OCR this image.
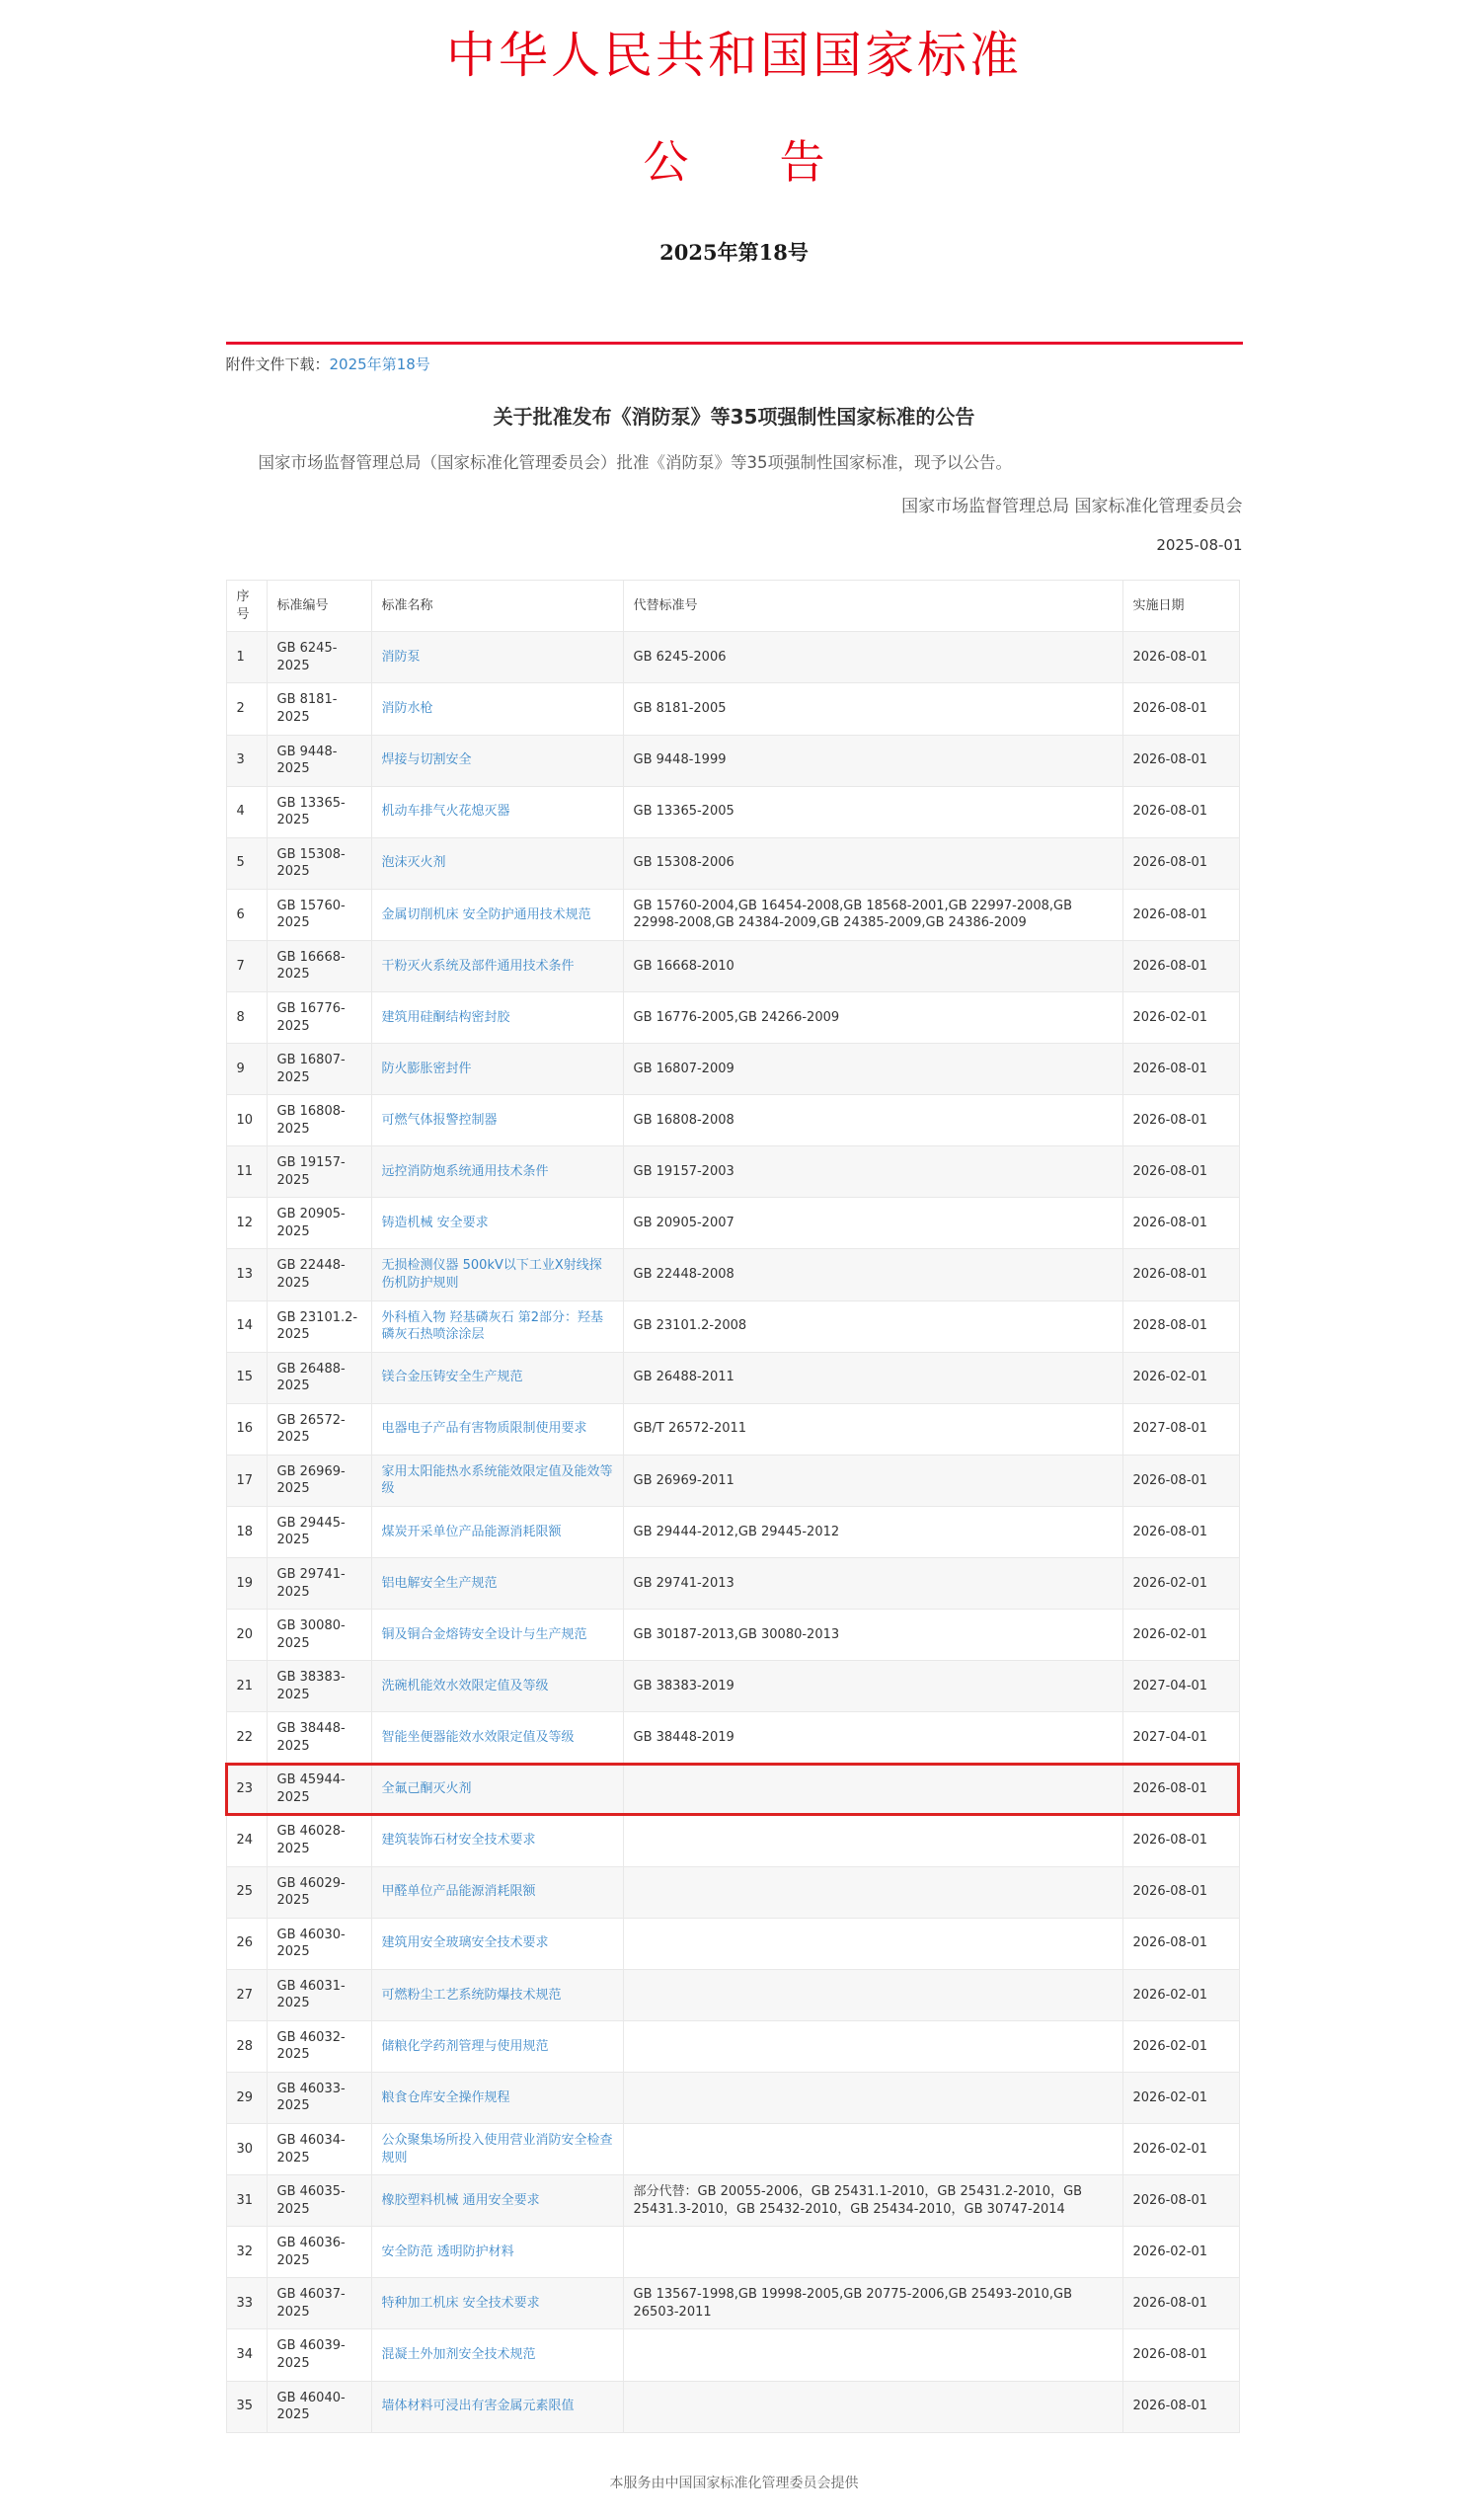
中华人民共和国国家标准
公　　告
2025年第18号
附件文件下载：2025年第18号
关于批准发布《消防泵》等35项强制性国家标准的公告
国家市场监督管理总局（国家标准化管理委员会）批准《消防泵》等35项强制性国家标准，现予以公告。
国家市场监督管理总局 国家标准化管理委员会
2025-08-01
序号	标准编号	标准名称	代替标准号	实施日期
1	GB 6245-2025	消防泵	GB 6245-2006	2026-08-01
2	GB 8181-2025	消防水枪	GB 8181-2005	2026-08-01
3	GB 9448-2025	焊接与切割安全	GB 9448-1999	2026-08-01
4	GB 13365-2025	机动车排气火花熄灭器	GB 13365-2005	2026-08-01
5	GB 15308-2025	泡沫灭火剂	GB 15308-2006	2026-08-01
6	GB 15760-2025	金属切削机床 安全防护通用技术规范	GB 15760-2004,GB 16454-2008,GB 18568-2001,GB 22997-2008,GB 22998-2008,GB 24384-2009,GB 24385-2009,GB 24386-2009	2026-08-01
7	GB 16668-2025	干粉灭火系统及部件通用技术条件	GB 16668-2010	2026-08-01
8	GB 16776-2025	建筑用硅酮结构密封胶	GB 16776-2005,GB 24266-2009	2026-02-01
9	GB 16807-2025	防火膨胀密封件	GB 16807-2009	2026-08-01
10	GB 16808-2025	可燃气体报警控制器	GB 16808-2008	2026-08-01
11	GB 19157-2025	远控消防炮系统通用技术条件	GB 19157-2003	2026-08-01
12	GB 20905-2025	铸造机械 安全要求	GB 20905-2007	2026-08-01
13	GB 22448-2025	无损检测仪器 500kV以下工业X射线探伤机防护规则	GB 22448-2008	2026-08-01
14	GB 23101.2-2025	外科植入物 羟基磷灰石 第2部分：羟基磷灰石热喷涂涂层	GB 23101.2-2008	2028-08-01
15	GB 26488-2025	镁合金压铸安全生产规范	GB 26488-2011	2026-02-01
16	GB 26572-2025	电器电子产品有害物质限制使用要求	GB/T 26572-2011	2027-08-01
17	GB 26969-2025	家用太阳能热水系统能效限定值及能效等级	GB 26969-2011	2026-08-01
18	GB 29445-2025	煤炭开采单位产品能源消耗限额	GB 29444-2012,GB 29445-2012	2026-08-01
19	GB 29741-2025	铝电解安全生产规范	GB 29741-2013	2026-02-01
20	GB 30080-2025	铜及铜合金熔铸安全设计与生产规范	GB 30187-2013,GB 30080-2013	2026-02-01
21	GB 38383-2025	洗碗机能效水效限定值及等级	GB 38383-2019	2027-04-01
22	GB 38448-2025	智能坐便器能效水效限定值及等级	GB 38448-2019	2027-04-01
23	GB 45944-2025	全氟己酮灭火剂		2026-08-01
24	GB 46028-2025	建筑装饰石材安全技术要求		2026-08-01
25	GB 46029-2025	甲醛单位产品能源消耗限额		2026-08-01
26	GB 46030-2025	建筑用安全玻璃安全技术要求		2026-08-01
27	GB 46031-2025	可燃粉尘工艺系统防爆技术规范		2026-02-01
28	GB 46032-2025	储粮化学药剂管理与使用规范		2026-02-01
29	GB 46033-2025	粮食仓库安全操作规程		2026-02-01
30	GB 46034-2025	公众聚集场所投入使用营业消防安全检查规则		2026-02-01
31	GB 46035-2025	橡胶塑料机械 通用安全要求	部分代替：GB 20055-2006，GB 25431.1-2010，GB 25431.2-2010，GB 25431.3-2010，GB 25432-2010，GB 25434-2010，GB 30747-2014	2026-08-01
32	GB 46036-2025	安全防范 透明防护材料		2026-02-01
33	GB 46037-2025	特种加工机床 安全技术要求	GB 13567-1998,GB 19998-2005,GB 20775-2006,GB 25493-2010,GB 26503-2011	2026-08-01
34	GB 46039-2025	混凝土外加剂安全技术规范		2026-08-01
35	GB 46040-2025	墙体材料可浸出有害金属元素限值		2026-08-01
本服务由中国国家标准化管理委员会提供
